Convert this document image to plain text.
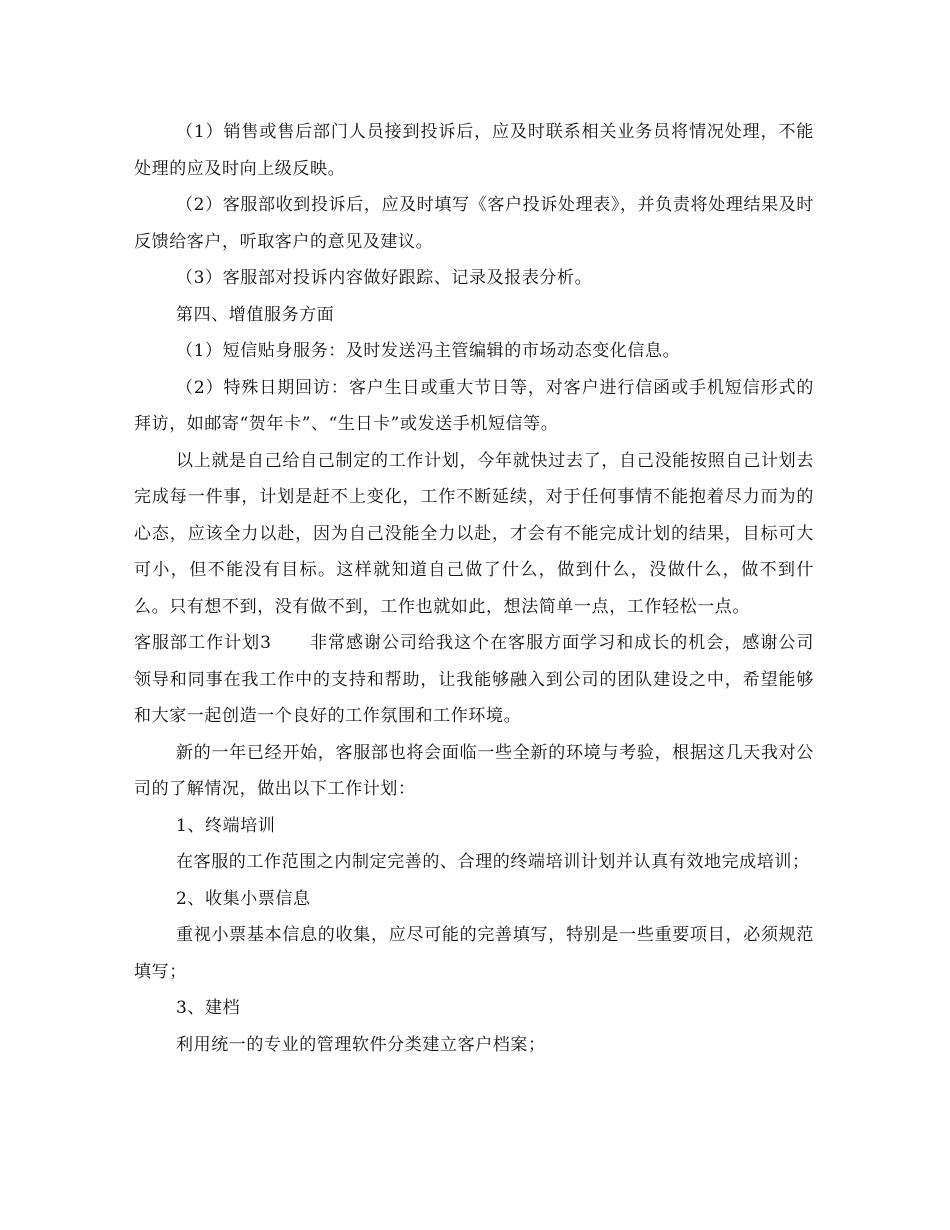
（1）销售或售后部门人员接到投诉后，应及时联系相关业务员将情况处理，不能处理的应及时向上级反映。

（2）客服部收到投诉后，应及时填写《客户投诉处理表》，并负责将处理结果及时反馈给客户，听取客户的意见及建议。

（3）客服部对投诉内容做好跟踪、记录及报表分析。

第四、增值服务方面

（1）短信贴身服务：及时发送冯主管编辑的市场动态变化信息。

（2）特殊日期回访：客户生日或重大节日等，对客户进行信函或手机短信形式的拜访，如邮寄“贺年卡”、“生日卡”或发送手机短信等。

以上就是自己给自己制定的工作计划，今年就快过去了，自己没能按照自己计划去完成每一件事，计划是赶不上变化，工作不断延续，对于任何事情不能抱着尽力而为的心态，应该全力以赴，因为自己没能全力以赴，才会有不能完成计划的结果，目标可大可小，但不能没有目标。这样就知道自己做了什么，做到什么，没做什么，做不到什么。只有想不到，没有做不到，工作也就如此，想法简单一点，工作轻松一点。

客服部工作计划3 非常感谢公司给我这个在客服方面学习和成长的机会，感谢公司领导和同事在我工作中的支持和帮助，让我能够融入到公司的团队建设之中，希望能够和大家一起创造一个良好的工作氛围和工作环境。

新的一年已经开始，客服部也将会面临一些全新的环境与考验，根据这几天我对公司的了解情况，做出以下工作计划：

1、终端培训

在客服的工作范围之内制定完善的、合理的终端培训计划并认真有效地完成培训；

2、收集小票信息

重视小票基本信息的收集，应尽可能的完善填写，特别是一些重要项目，必须规范填写；

3、建档

利用统一的专业的管理软件分类建立客户档案；
